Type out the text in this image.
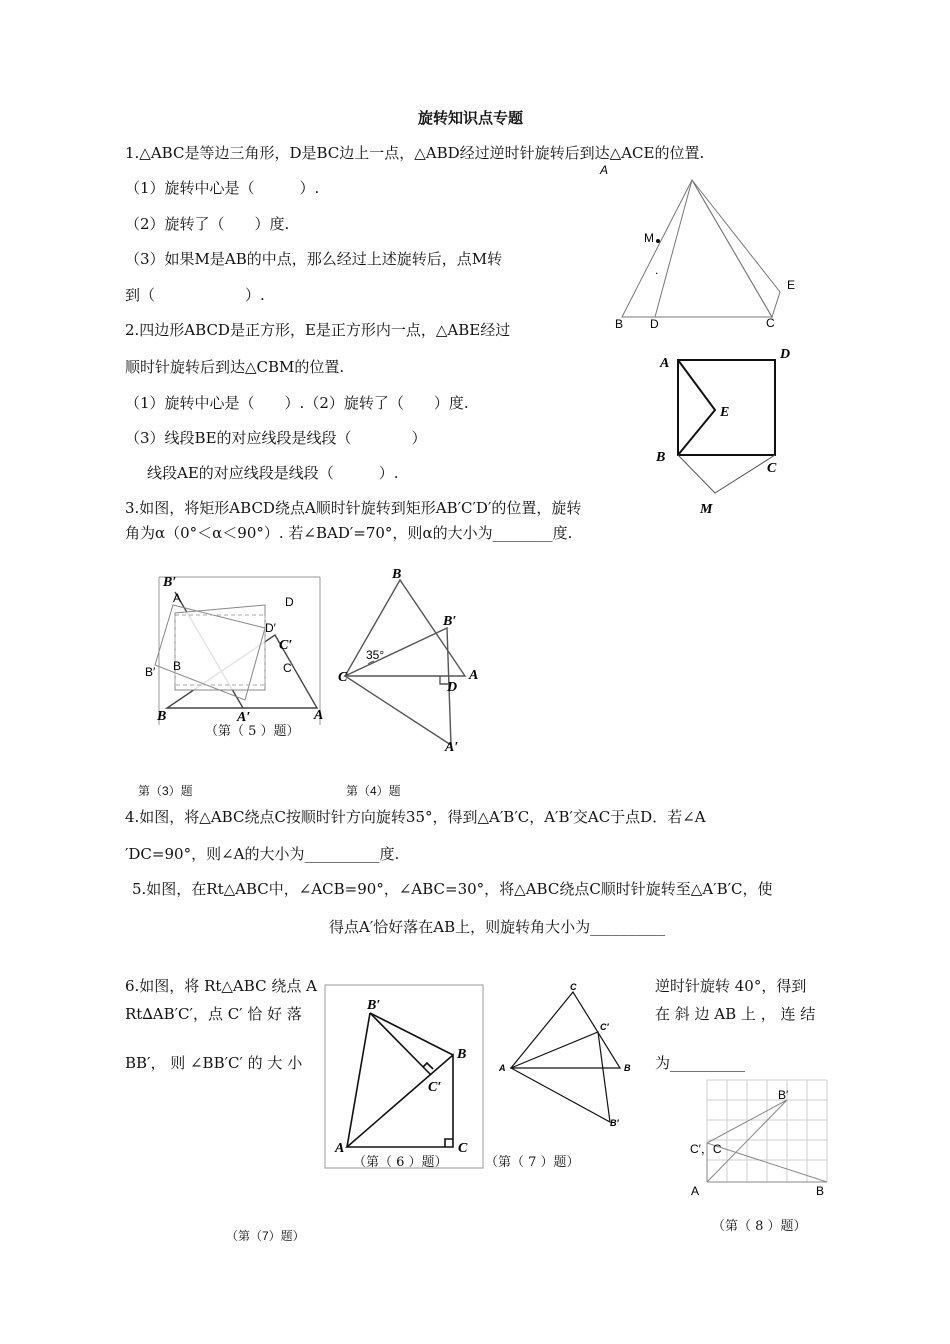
旋转知识点专题
1.△ABC是等边三角形，D是BC边上一点，△ABD经过逆时针旋转后到达△ACE的位置.
（1）旋转中心是（　　　）.
（2）旋转了（　　）度.
（3）如果M是AB的中点，那么经过上述旋转后，点M转
到（　　　　　　）.
A
M
.
E
B D	C
2.四边形ABCD是正方形，E是正方形内一点，△ABE经过
顺时针旋转后到达△CBM的位置.
（1）旋转中心是（　　）.（2）旋转了（　　）度.
（3）线段BE的对应线段是线段（　　　　）
线段AE的对应线段是线段（　　　）.
A
D
E
B
C
M
3.如图，将矩形ABCD绕点A顺时针旋转到矩形AB′C′D′的位置，旋转
角为α（0°＜α＜90°）. 若∠BAD′=70°，则α的大小为________度.
B′
A	D
D′
C′
C
B′ B
B	A′	A
（第（ 5 ）题）
B
B′
35°
C	A
D
A′
第（3）题	第（4）题
4.如图，将△ABC绕点C按顺时针方向旋转35°，得到△A′B′C，A′B′交AC于点D．若∠A
′DC=90°，则∠A的大小为__________度.
5.如图，在Rt△ABC中，∠ACB=90°，∠ABC=30°，将△ABC绕点C顺时针旋转至△A′B′C，使
得点A′恰好落在AB上，则旋转角大小为__________
6.如图，将 Rt△ABC 绕点 A	逆时针旋转 40°，得到
Rt∆AB′C′，点 C′ 恰 好 落	在 斜 边 AB 上 ， 连 结
BB′， 则 ∠BB′C′ 的 大 小	为__________
B′
B
C′
A	C
（第（ 6 ）题）	（第（ 7 ）题）
C
C′
A	B
B′
B′
C′，C
A	B
（第（ 8 ）题）
（第（7）题）
